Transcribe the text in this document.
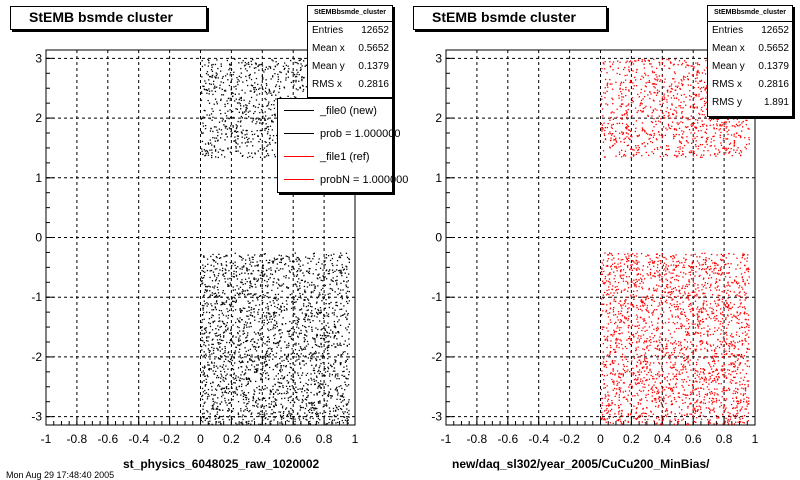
-1 -0.8 -0.6 -0.4 -0.2 0 0.2 0.4 0.6 0.8 1
-3
-2
-1
0
1
2
3
-1 -0.8 -0.6 -0.4 -0.2 0 0.2 0.4 0.6 0.8 1
-3
-2
-1
0
1
2
3
StEMB bsmde cluster	StEMBbsmde_cluster
Entries 12652
Mean x 0.5652
Mean y 0.1379
RMS x 0.2816
_file0 (new)
prob = 1.000000
_file1 (ref)
probN = 1.000000
st_physics_6048025_raw_1020002
StEMB bsmde cluster	StEMBbsmde_cluster
Entries 12652
Mean x 0.5652
Mean y 0.1379
RMS x 0.2816
RMS y 1.891
new/daq_sl302/year_2005/CuCu200_MinBias/
Mon Aug 29 17:48:40 2005
